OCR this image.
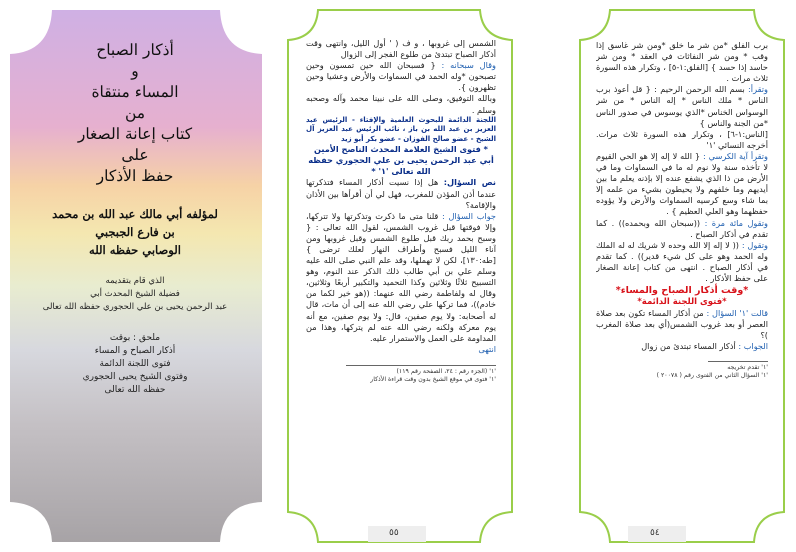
أذكار الصباح

و

المساء منتقاة

من

كتاب إعانة الصغار

على

حفظ الأذكار

لمؤلفه أبي مالك عبد الله بن محمد

بن فارع الجبجبي

الوصابي حفظه الله

الذي قام بتقديمه

فضيلة الشيخ المحدث أبي

عبد الرحمن يحيى بن علي الحجوري حفظه الله تعالى

ملحق : بوقت

أذكار الصباح و المساء

فتوى اللجنة الدائمة

وفتوى الشيخ يحيى الحجوري

حفظه الله تعالى

الشمس إلى غروبها ، و ف ( ' أول الليل، وانتهى وقت أذكار الصباح تبتدئ من طلوع الفجر إلى الزوال

وقال سبحانه : { فسبحان الله حين تمسون وحين تصبحون *وله الحمد في السماوات والأرض وعشيا وحين تظهرون }.

وبالله التوفيق، وصلى الله على نبينا محمد وآله وصحبه وسلم .

اللجنة الدائمة للبحوث العلمية والإفتاء - الرئيس عبد العزيز بن عبد الله بن باز ، نائب الرئيس عبد العزيز آل الشيخ - عضو صالح الفوزان - عضو بكر أبو زيد

* فتوى الشيخ العلامة المحدث الناصح الأمين أبي عبد الرحمن يحيى بن علي الحجوري حفظه الله تعالى '١' *

نص السؤال: هل إذا نسيت أذكار المساء فتذكرتها عندما أذن المؤذن للمغرب، فهل لي أن أقرأها بين الأذان والإقامة؟

جواب السؤال : قلنا متى ما ذكرت وتذكرتها ولا تتركها، وإلا فوقتها قبل غروب الشمس، لقول الله تعالى : { وسبح بحمد ربك قبل طلوع الشمس وقبل غروبها ومن آناء الليل فسبح وأطراف النهار لعلك ترضى } [طه:١٣٠]، لكن لا تهملها، وقد علم النبي صلى الله عليه وسلم علي بن أبي طالب ذلك الذكر عند النوم، وهو التسبيح ثلاثًا وثلاثين وكذا التحميد والتكبير أربعًا وثلاثين، وقال له ولفاطمة رضي الله عنهما: ((هو خير لكما من خادم))، فما تركها علي رضي الله عنه إلى أن مات، قال له أصحابه: ولا يوم صفين، قال: ولا يوم صفين، مع أنه يوم معركة ولكنه رضي الله عنه لم يتركها، وهذا من المداومة على العمل والاستمرار عليه.

انتهى

'١' (الجزء رقم : ٢٤، الصفحة رقم ١١٩)

'١' فتوى في موقع الشيخ بدون وقت قراءة الأذكار

٥٥

برب الفلق *من شر ما خلق *ومن شر غاسق إذا وقب * ومن شر النفاثات في العقد * ومن شر حاسد إذا حسد } [الفلق:١-٥] ، وتكرار هذه السورة ثلاث مرات .

وتقرأ: بسم الله الرحمن الرحيم : { قل أعوذ برب الناس * ملك الناس * إله الناس * من شر الوسواس الخناس *الذي يوسوس في صدور الناس *من الجنة والناس }

[الناس:١-٦] ، وتكرار هذه السورة ثلاث مرات. أخرجه النسائي '١'

وتقرأ آية الكرسي : { الله لا إله إلا هو الحي القيوم لا تأخذه سنة ولا نوم له ما في السماوات وما في الأرض من ذا الذي يشفع عنده إلا بإذنه يعلم ما بين أيديهم وما خلفهم ولا يحيطون بشيء من علمه إلا بما شاء وسع كرسيه السماوات والأرض ولا يؤوده حفظهما وهو العلي العظيم } .

وتقول مائة مرة : ((سبحان الله وبحمده)) . كما تقدم في أذكار الصباح .

وتقول : (( لا إله إلا الله وحده لا شريك له له الملك وله الحمد وهو على كل شيء قدير)) . كما تقدم في أذكار الصباح . انتهى من كتاب إعانة الصغار على حفظ الأذكار .

*وقت أذكار الصباح والمساء*

*فتوى اللجنة الدائمة*

قالت '١' السؤال : من أذكار المساء تكون بعد صلاة العصر أو بعد غروب الشمس(أي بعد صلاة المغرب )؟

الجواب : أذكار المساء تبتدئ من زوال

'١' تقدم تخريجه

'١' السؤال الثاني من الفتوى رقم ( ٢٠٠٧٨ )

٥٤
